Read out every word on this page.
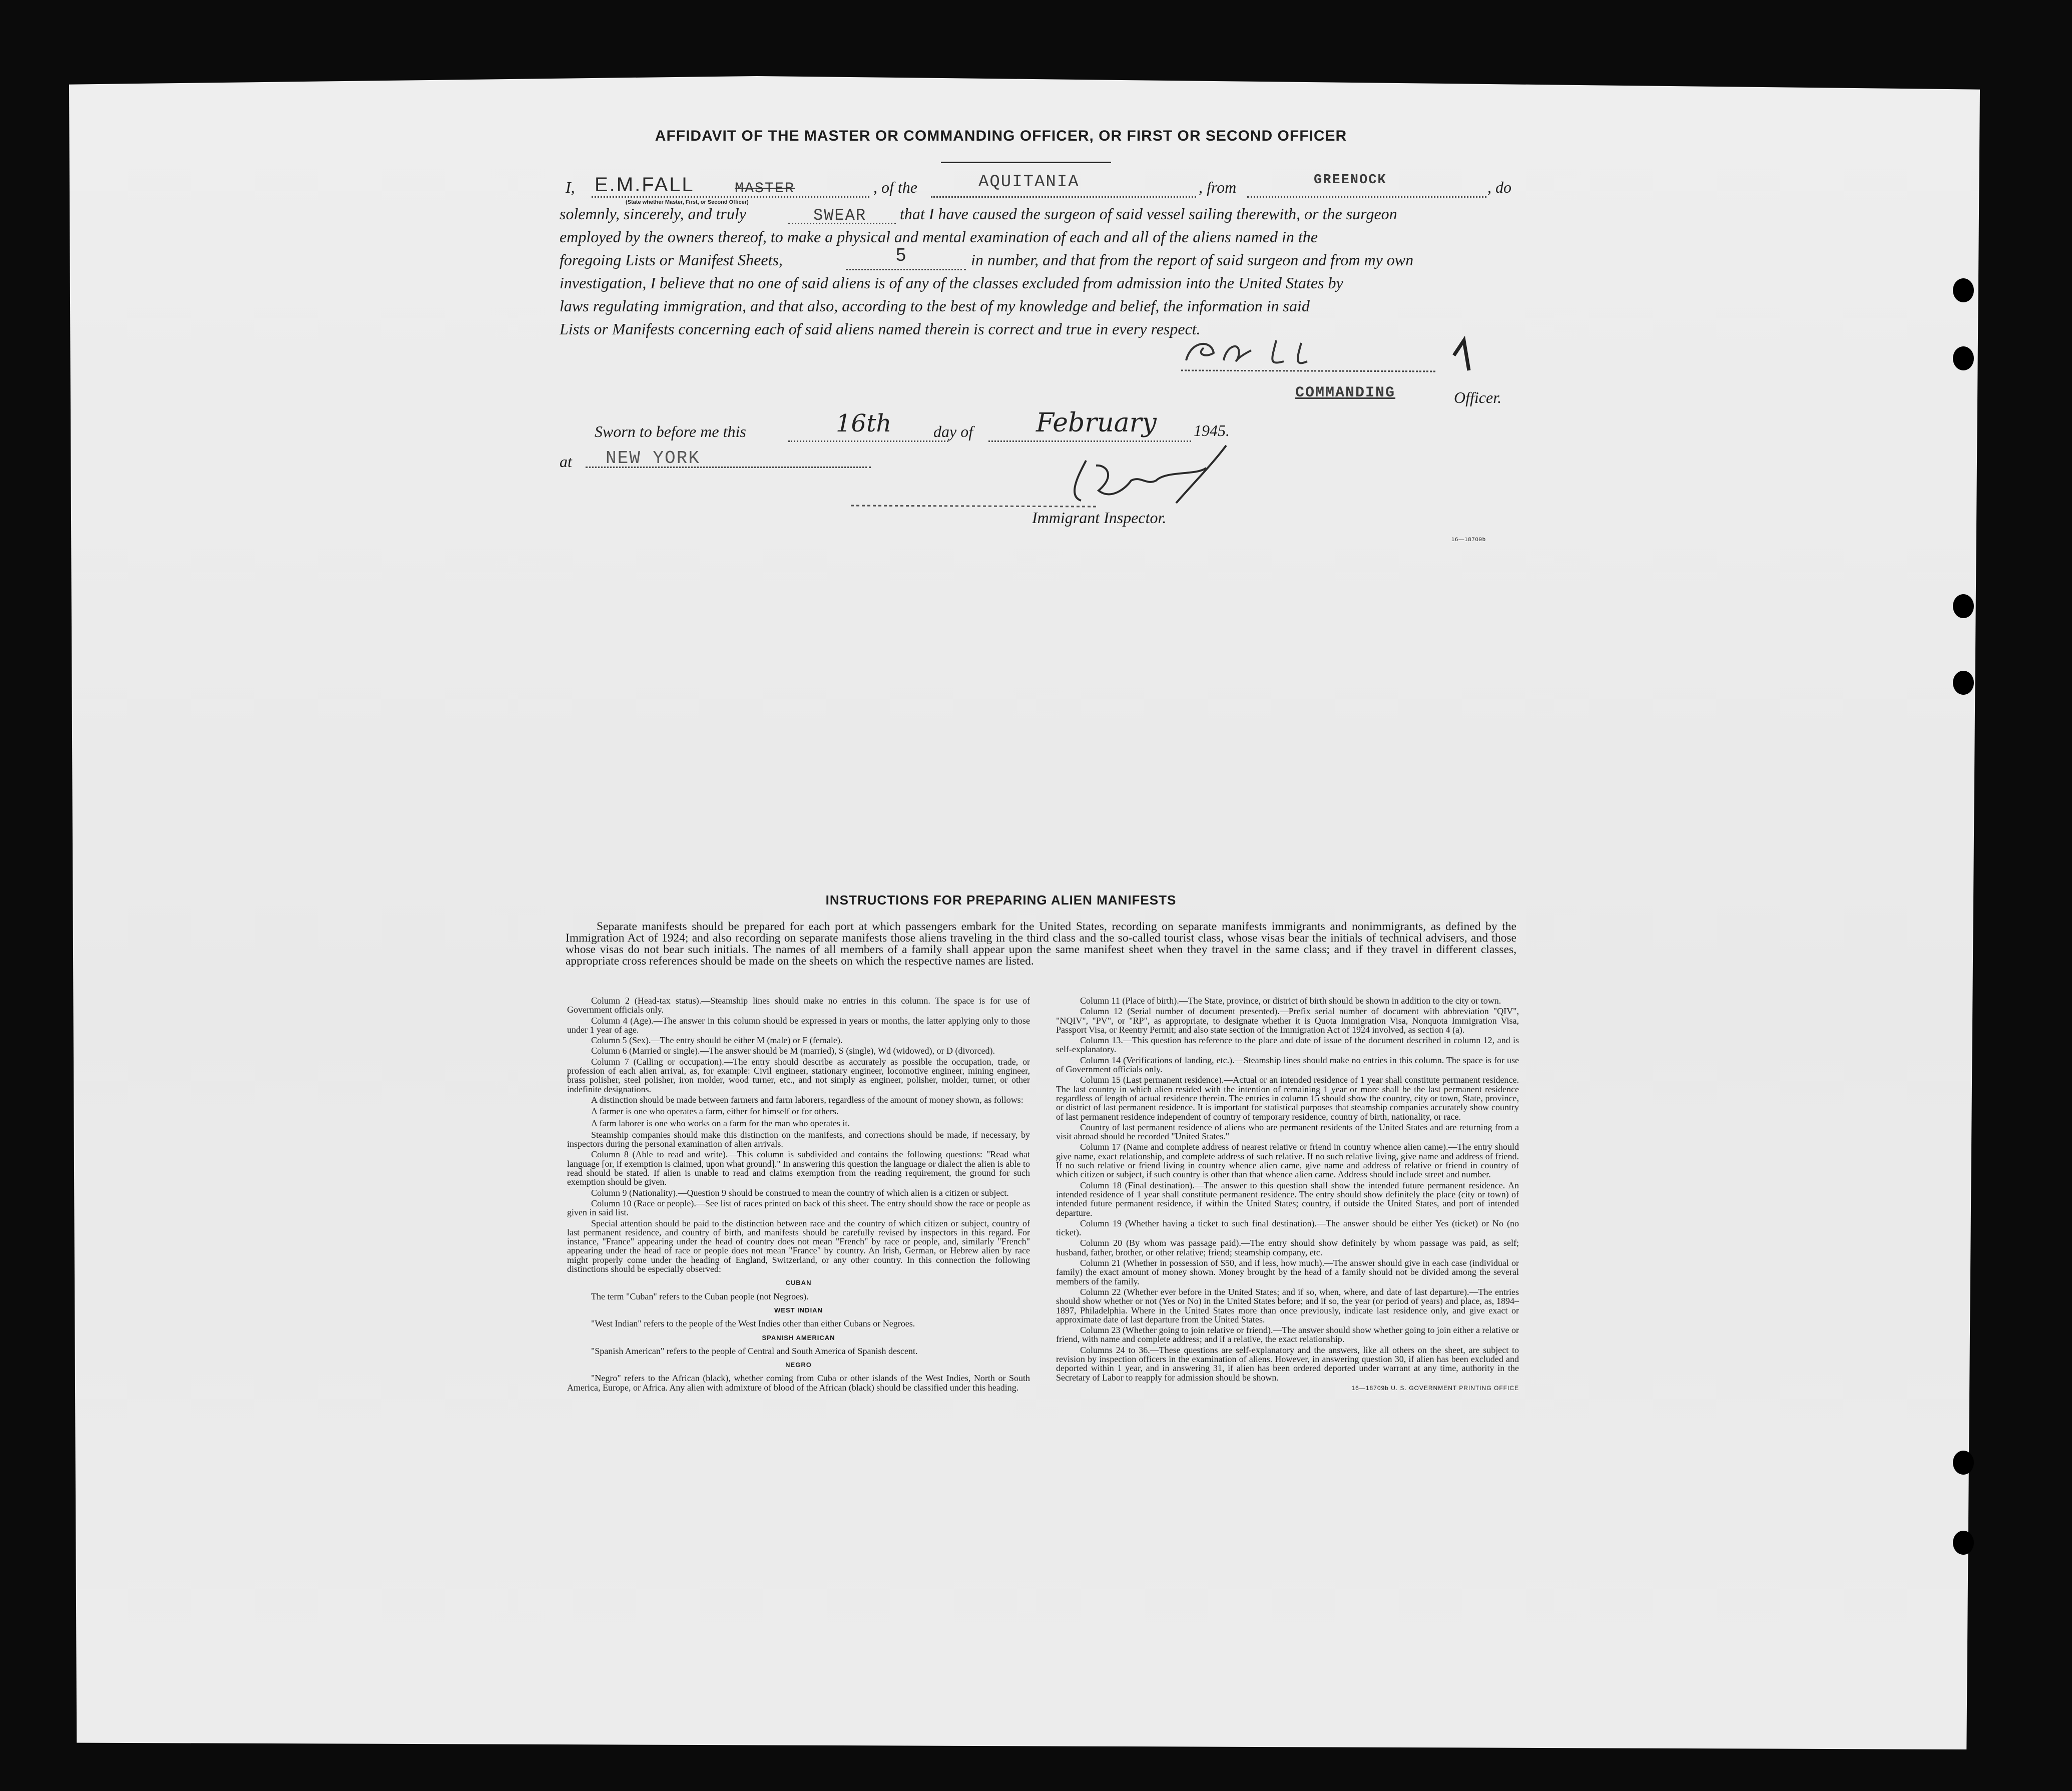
AFFIDAVIT OF THE MASTER OR COMMANDING OFFICER, OR FIRST OR SECOND OFFICER
I, E.M.FALL	MASTER	, of the	AQUITANIA	, from	GREENOCK	, do
(State whether Master, First, or Second Officer)
solemnly, sincerely, and truly	SWEAR that I have caused the surgeon of said vessel sailing therewith, or the surgeon
employed by the owners thereof, to make a physical and mental examination of each and all of the aliens named in the
foregoing Lists or Manifest Sheets,	5	in number, and that from the report of said surgeon and from my own
investigation, I believe that no one of said aliens is of any of the classes excluded from admission into the United States by
laws regulating immigration, and that also, according to the best of my knowledge and belief, the information in said
Lists or Manifests concerning each of said aliens named therein is correct and true in every respect.
COMMANDING	Officer.
Sworn to before me this	16th	day of February 1945.
at NEW YORK
Immigrant Inspector.
16—18709b
INSTRUCTIONS FOR PREPARING ALIEN MANIFESTS
Separate manifests should be prepared for each port at which passengers embark for the United States, recording on separate manifests immigrants and nonimmigrants, as defined by the Immigration Act of 1924; and also recording on separate manifests those aliens traveling in the third class and the so-called tourist class, whose visas bear the initials of technical advisers, and those whose visas do not bear such initials. The names of all members of a family shall appear upon the same manifest sheet when they travel in the same class; and if they travel in different classes, appropriate cross references should be made on the sheets on which the respective names are listed.

Column 2 (Head-tax status).—Steamship lines should make no entries in this column. The space is for use of Government officials only.

Column 4 (Age).—The answer in this column should be expressed in years or months, the latter applying only to those under 1 year of age.

Column 5 (Sex).—The entry should be either M (male) or F (female).

Column 6 (Married or single).—The answer should be M (married), S (single), Wd (widowed), or D (divorced).

Column 7 (Calling or occupation).—The entry should describe as accurately as possible the occupation, trade, or profession of each alien arrival, as, for example: Civil engineer, stationary engineer, locomotive engineer, mining engineer, brass polisher, steel polisher, iron molder, wood turner, etc., and not simply as engineer, polisher, molder, turner, or other indefinite designations.

A distinction should be made between farmers and farm laborers, regardless of the amount of money shown, as follows:

A farmer is one who operates a farm, either for himself or for others.

A farm laborer is one who works on a farm for the man who operates it.

Steamship companies should make this distinction on the manifests, and corrections should be made, if necessary, by inspectors during the personal examination of alien arrivals.

Column 8 (Able to read and write).—This column is subdivided and contains the following questions: "Read what language [or, if exemption is claimed, upon what ground]." In answering this question the language or dialect the alien is able to read should be stated. If alien is unable to read and claims exemption from the reading requirement, the ground for such exemption should be given.

Column 9 (Nationality).—Question 9 should be construed to mean the country of which alien is a citizen or subject.

Column 10 (Race or people).—See list of races printed on back of this sheet. The entry should show the race or people as given in said list.

Special attention should be paid to the distinction between race and the country of which citizen or subject, country of last permanent residence, and country of birth, and manifests should be carefully revised by inspectors in this regard. For instance, "France" appearing under the head of country does not mean "French" by race or people, and, similarly "French" appearing under the head of race or people does not mean "France" by country. An Irish, German, or Hebrew alien by race might properly come under the heading of England, Switzerland, or any other country. In this connection the following distinctions should be especially observed:

CUBAN

The term "Cuban" refers to the Cuban people (not Negroes).

WEST INDIAN

"West Indian" refers to the people of the West Indies other than either Cubans or Negroes.

SPANISH AMERICAN

"Spanish American" refers to the people of Central and South America of Spanish descent.

NEGRO

"Negro" refers to the African (black), whether coming from Cuba or other islands of the West Indies, North or South America, Europe, or Africa. Any alien with admixture of blood of the African (black) should be classified under this heading.

Column 11 (Place of birth).—The State, province, or district of birth should be shown in addition to the city or town.

Column 12 (Serial number of document presented).—Prefix serial number of document with abbreviation "QIV", "NQIV", "PV", or "RP", as appropriate, to designate whether it is Quota Immigration Visa, Nonquota Immigration Visa, Passport Visa, or Reentry Permit; and also state section of the Immigration Act of 1924 involved, as section 4 (a).

Column 13.—This question has reference to the place and date of issue of the document described in column 12, and is self-explanatory.

Column 14 (Verifications of landing, etc.).—Steamship lines should make no entries in this column. The space is for use of Government officials only.

Column 15 (Last permanent residence).—Actual or an intended residence of 1 year shall constitute permanent residence. The last country in which alien resided with the intention of remaining 1 year or more shall be the last permanent residence regardless of length of actual residence therein. The entries in column 15 should show the country, city or town, State, province, or district of last permanent residence. It is important for statistical purposes that steamship companies accurately show country of last permanent residence independent of country of temporary residence, country of birth, nationality, or race.

Country of last permanent residence of aliens who are permanent residents of the United States and are returning from a visit abroad should be recorded "United States."

Column 17 (Name and complete address of nearest relative or friend in country whence alien came).—The entry should give name, exact relationship, and complete address of such relative. If no such relative living, give name and address of friend. If no such relative or friend living in country whence alien came, give name and address of relative or friend in country of which citizen or subject, if such country is other than that whence alien came. Address should include street and number.

Column 18 (Final destination).—The answer to this question shall show the intended future permanent residence. An intended residence of 1 year shall constitute permanent residence. The entry should show definitely the place (city or town) of intended future permanent residence, if within the United States; country, if outside the United States, and port of intended departure.

Column 19 (Whether having a ticket to such final destination).—The answer should be either Yes (ticket) or No (no ticket).

Column 20 (By whom was passage paid).—The entry should show definitely by whom passage was paid, as self; husband, father, brother, or other relative; friend; steamship company, etc.

Column 21 (Whether in possession of $50, and if less, how much).—The answer should give in each case (individual or family) the exact amount of money shown. Money brought by the head of a family should not be divided among the several members of the family.

Column 22 (Whether ever before in the United States; and if so, when, where, and date of last departure).—The entries should show whether or not (Yes or No) in the United States before; and if so, the year (or period of years) and place, as, 1894–1897, Philadelphia. Where in the United States more than once previously, indicate last residence only, and give exact or approximate date of last departure from the United States.

Column 23 (Whether going to join relative or friend).—The answer should show whether going to join either a relative or friend, with name and complete address; and if a relative, the exact relationship.

Columns 24 to 36.—These questions are self-explanatory and the answers, like all others on the sheet, are subject to revision by inspection officers in the examination of aliens. However, in answering question 30, if alien has been excluded and deported within 1 year, and in answering 31, if alien has been ordered deported under warrant at any time, authority in the Secretary of Labor to reapply for admission should be shown.

16—18709b U. S. GOVERNMENT PRINTING OFFICE
